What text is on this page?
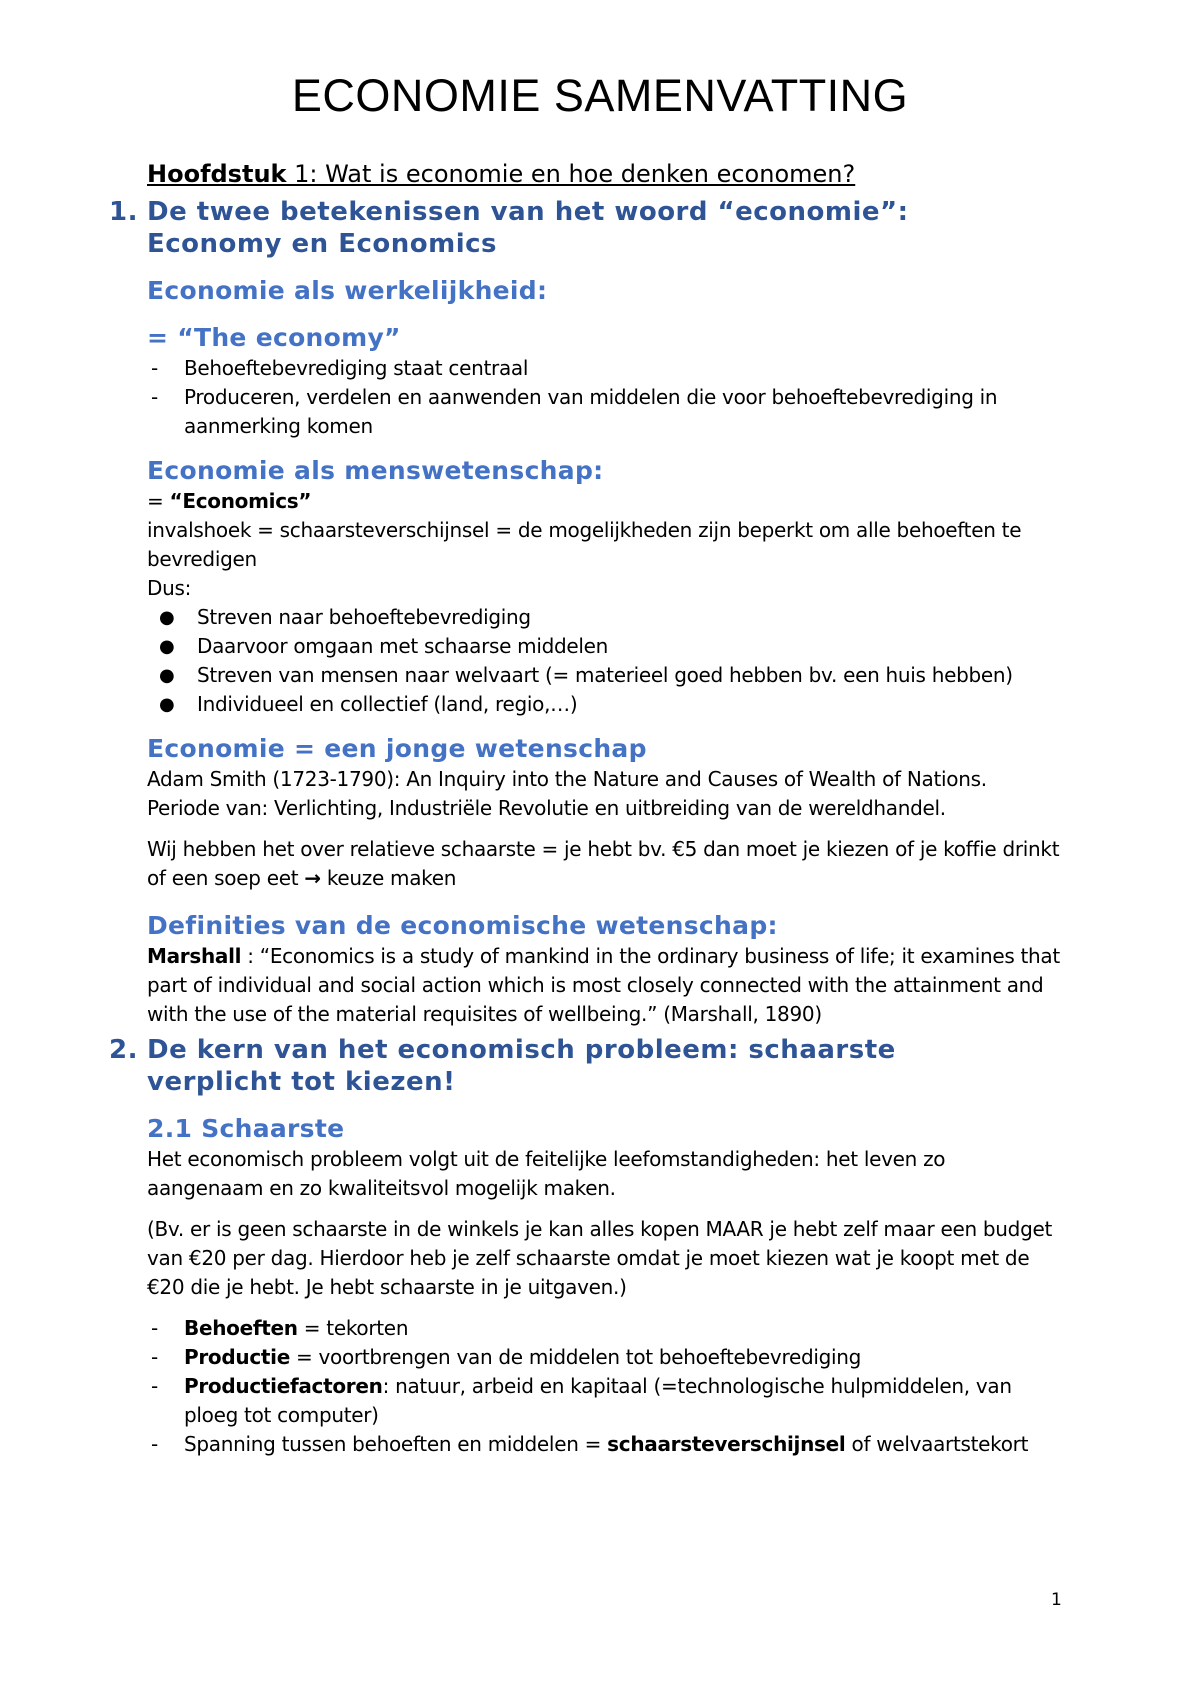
ECONOMIE SAMENVATTING
Hoofdstuk 1: Wat is economie en hoe denken economen?
1. De twee betekenissen van het woord “economie”: Economy en Economics
Economie als werkelijkheid:
= “The economy”
- Behoeftebevrediging staat centraal
- Produceren, verdelen en aanwenden van middelen die voor behoeftebevrediging in aanmerking komen
Economie als menswetenschap:
= “Economics”
invalshoek = schaarsteverschijnsel = de mogelijkheden zijn beperkt om alle behoeften te bevredigen
Dus:
● Streven naar behoeftebevrediging
● Daarvoor omgaan met schaarse middelen
● Streven van mensen naar welvaart (= materieel goed hebben bv. een huis hebben)
● Individueel en collectief (land, regio,…)
Economie = een jonge wetenschap
Adam Smith (1723-1790): An Inquiry into the Nature and Causes of Wealth of Nations.
Periode van: Verlichting, Industriële Revolutie en uitbreiding van de wereldhandel.
Wij hebben het over relatieve schaarste = je hebt bv. €5 dan moet je kiezen of je koffie drinkt of een soep eet → keuze maken
Definities van de economische wetenschap:
Marshall : “Economics is a study of mankind in the ordinary business of life; it examines that part of individual and social action which is most closely connected with the attainment and with the use of the material requisites of wellbeing.” (Marshall, 1890)
2. De kern van het economisch probleem: schaarste verplicht tot kiezen!
2.1 Schaarste
Het economisch probleem volgt uit de feitelijke leefomstandigheden: het leven zo aangenaam en zo kwaliteitsvol mogelijk maken.
(Bv. er is geen schaarste in de winkels je kan alles kopen MAAR je hebt zelf maar een budget van €20 per dag. Hierdoor heb je zelf schaarste omdat je moet kiezen wat je koopt met de €20 die je hebt. Je hebt schaarste in je uitgaven.)
- Behoeften = tekorten
- Productie = voortbrengen van de middelen tot behoeftebevrediging
- Productiefactoren: natuur, arbeid en kapitaal (=technologische hulpmiddelen, van ploeg tot computer)
- Spanning tussen behoeften en middelen = schaarsteverschijnsel of welvaartstekort
1
